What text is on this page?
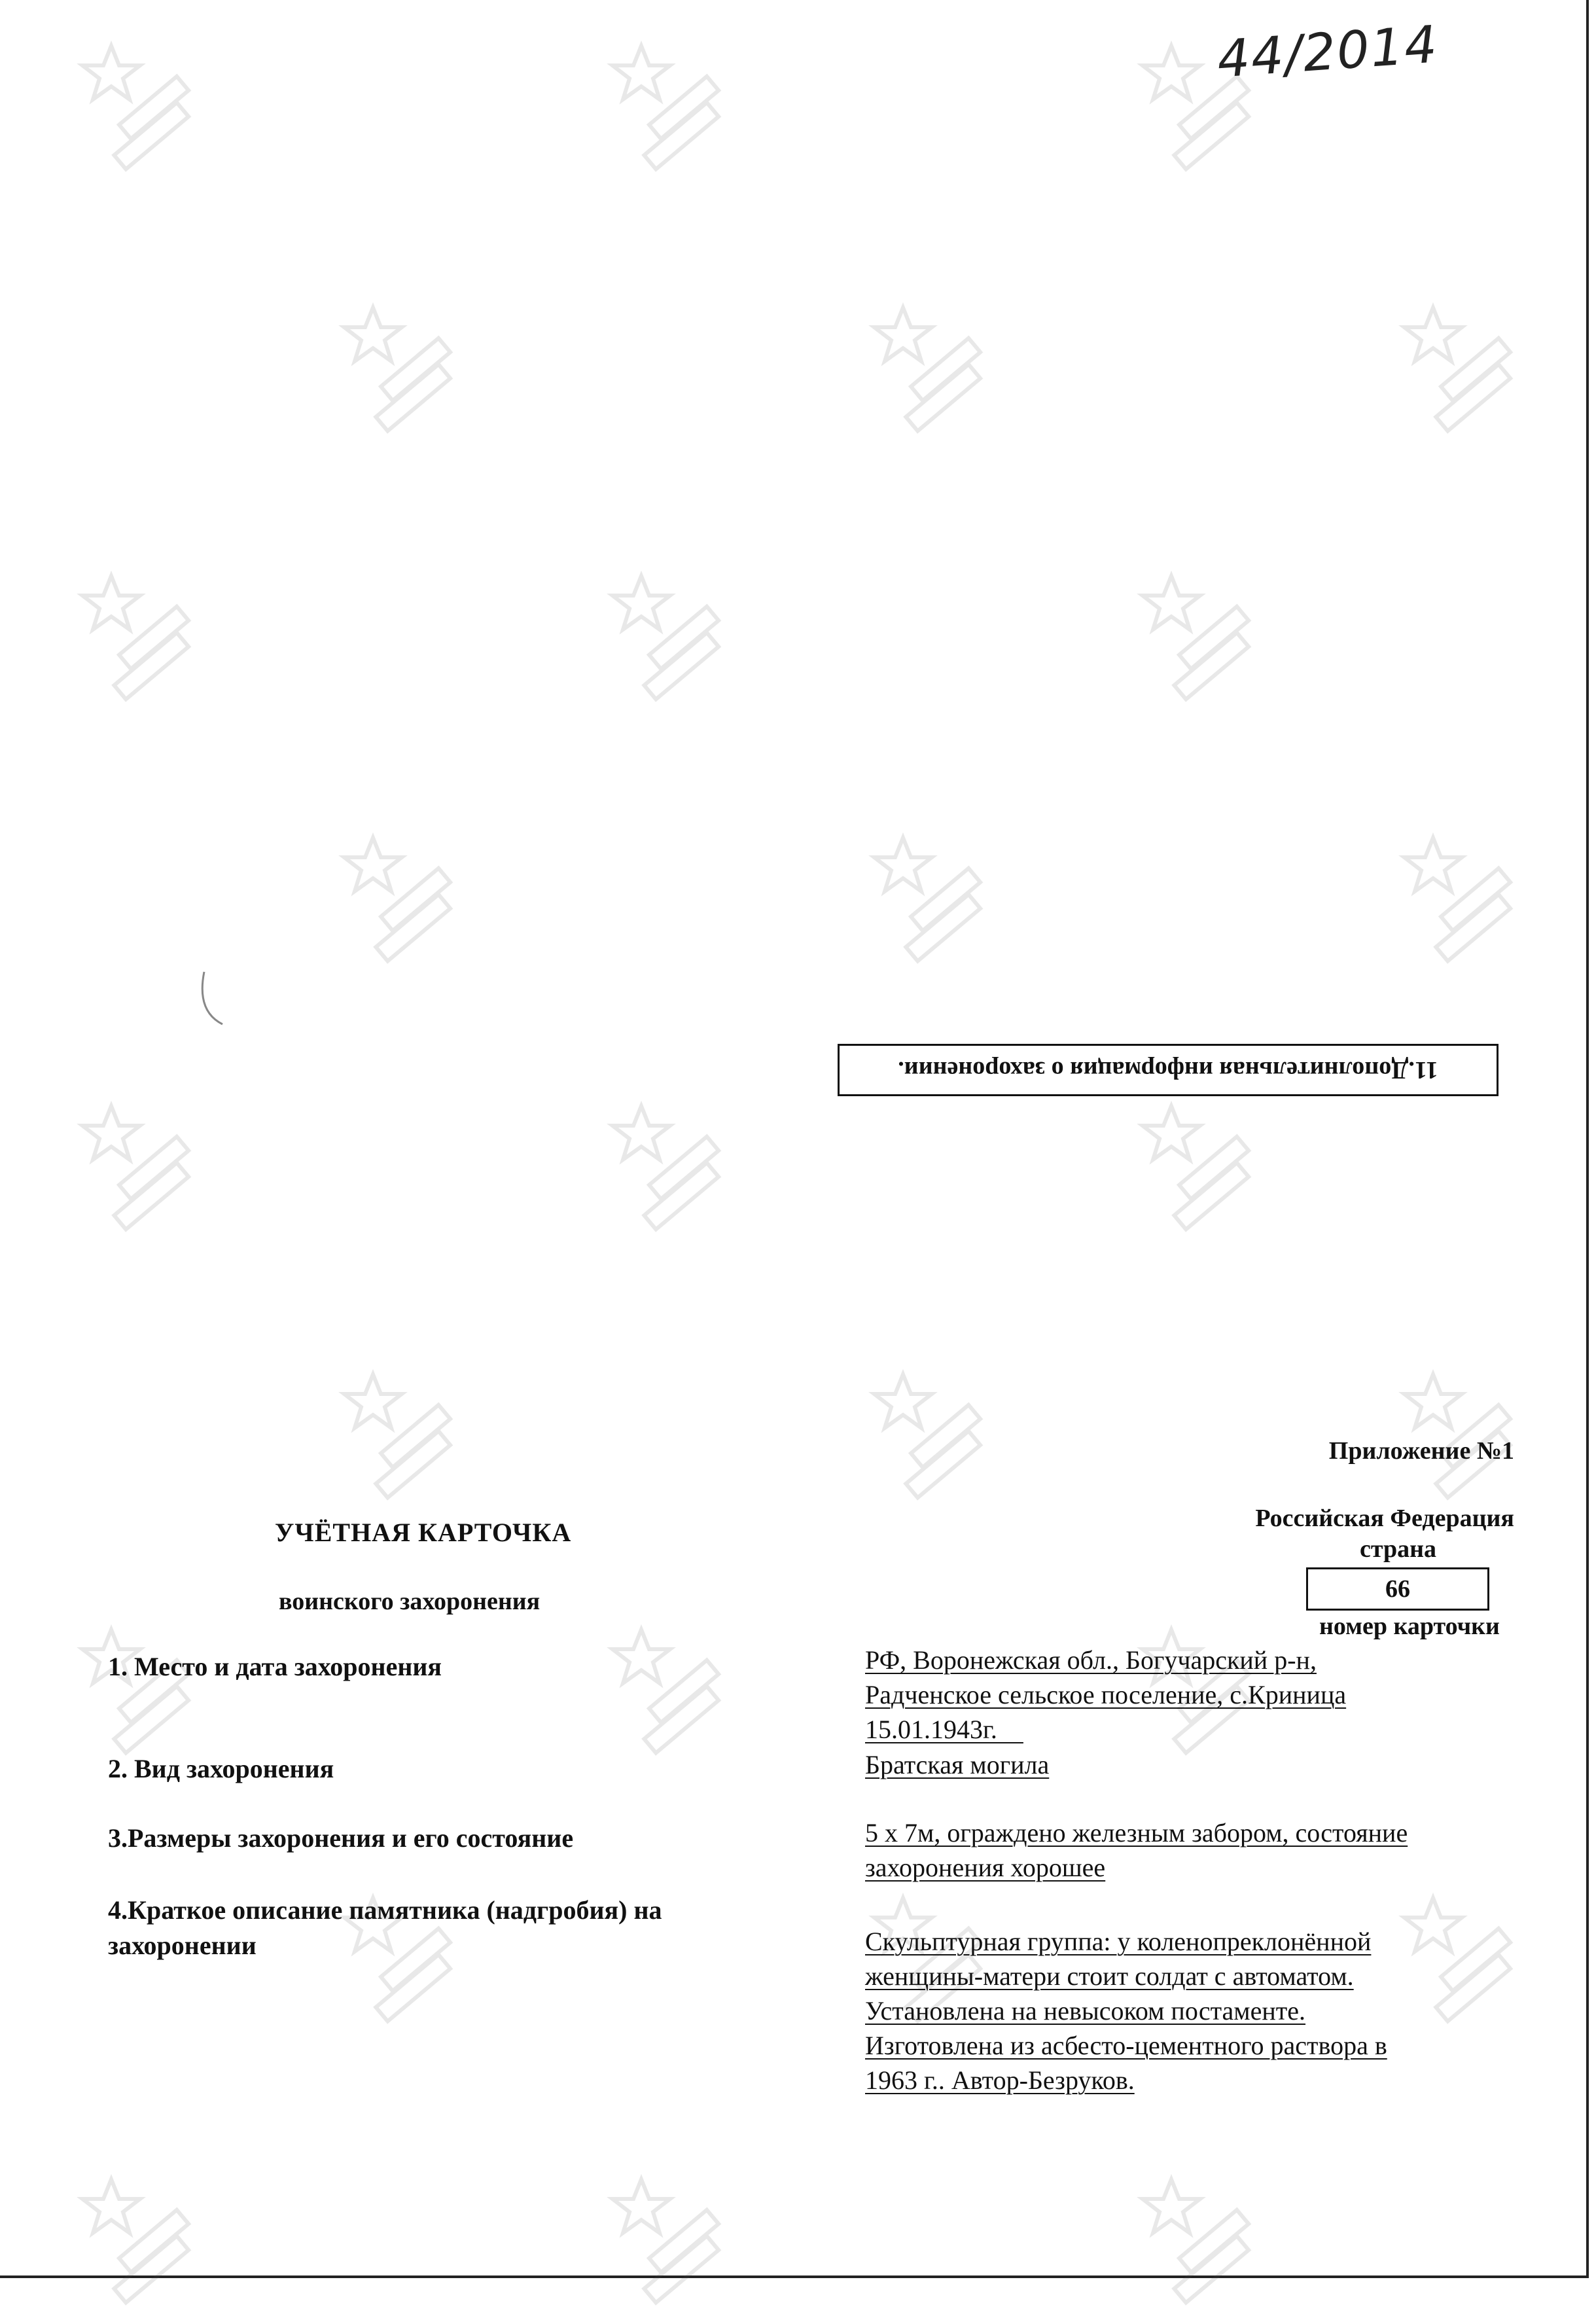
44/2014
11.Дополнительная информация о захоронении.
Приложение №1
Российская Федерация
страна
66
номер карточки
УЧЁТНАЯ КАРТОЧКА
воинского захоронения
1. Место и дата захоронения	РФ, Воронежская обл., Богучарский р-н,
Радченское сельское поселение, с.Криница
15.01.1943г.
2. Вид захоронения	Братская могила
3.Размеры захоронения и его состояние	5 х 7м, ограждено железным забором, состояние
захоронения хорошее
4.Краткое описание памятника (надгробия) на
захоронении	Скульптурная группа: у коленопреклонённой
женщины-матери стоит солдат с автоматом.
Установлена на невысоком постаменте.
Изготовлена из асбесто-цементного раствора в
1963 г.. Автор-Безруков.
